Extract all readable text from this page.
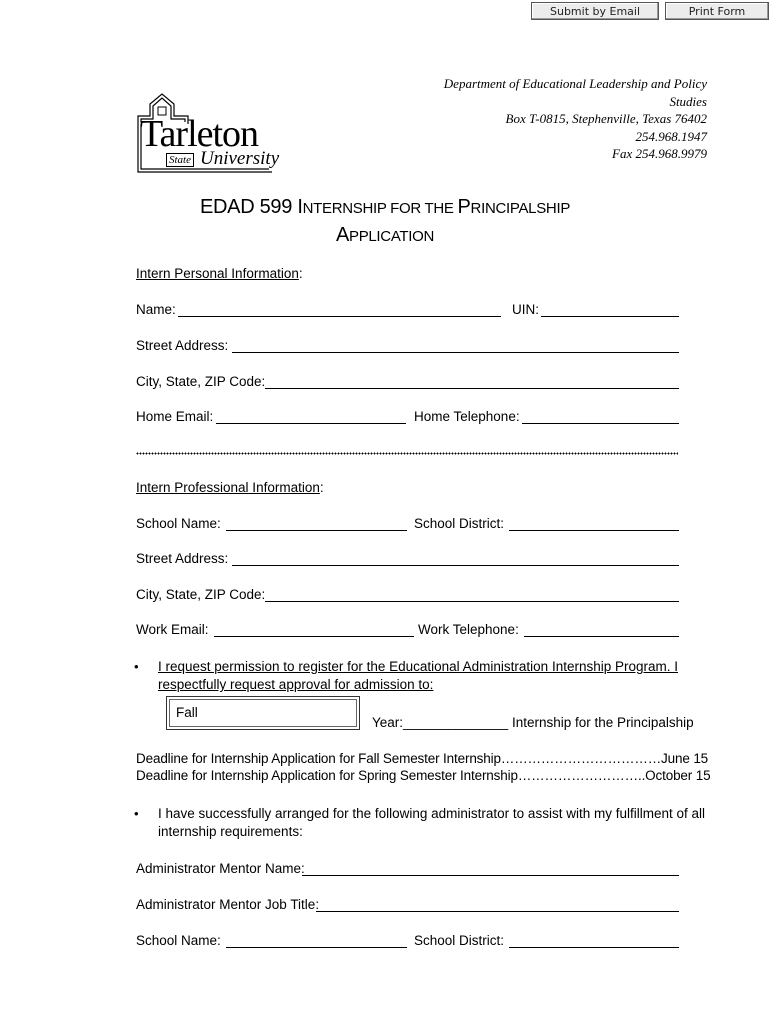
Submit by Email	Print Form
Tarleton
State University
Department of Educational Leadership and Policy
Studies
Box T-0815, Stephenville, Texas 76402
254.968.1947
Fax 254.968.9979
EDAD 599 INTERNSHIP FOR THE PRINCIPALSHIP
APPLICATION
Intern Personal Information:
Name:	UIN:
Street Address:
City, State, ZIP Code:
Home Email:	Home Telephone:
Intern Professional Information:
School Name:	School District:
Street Address:
City, State, ZIP Code:
Work Email:	Work Telephone:
• I request permission to register for the Educational Administration Internship Program. I
respectfully request approval for admission to:
Fall
Year:______________ Internship for the Principalship
Deadline for Internship Application for Fall Semester Internship………………………………June 15
Deadline for Internship Application for Spring Semester Internship………………………..October 15
• I have successfully arranged for the following administrator to assist with my fulfillment of all
internship requirements:
Administrator Mentor Name:
Administrator Mentor Job Title:
School Name:	School District:
